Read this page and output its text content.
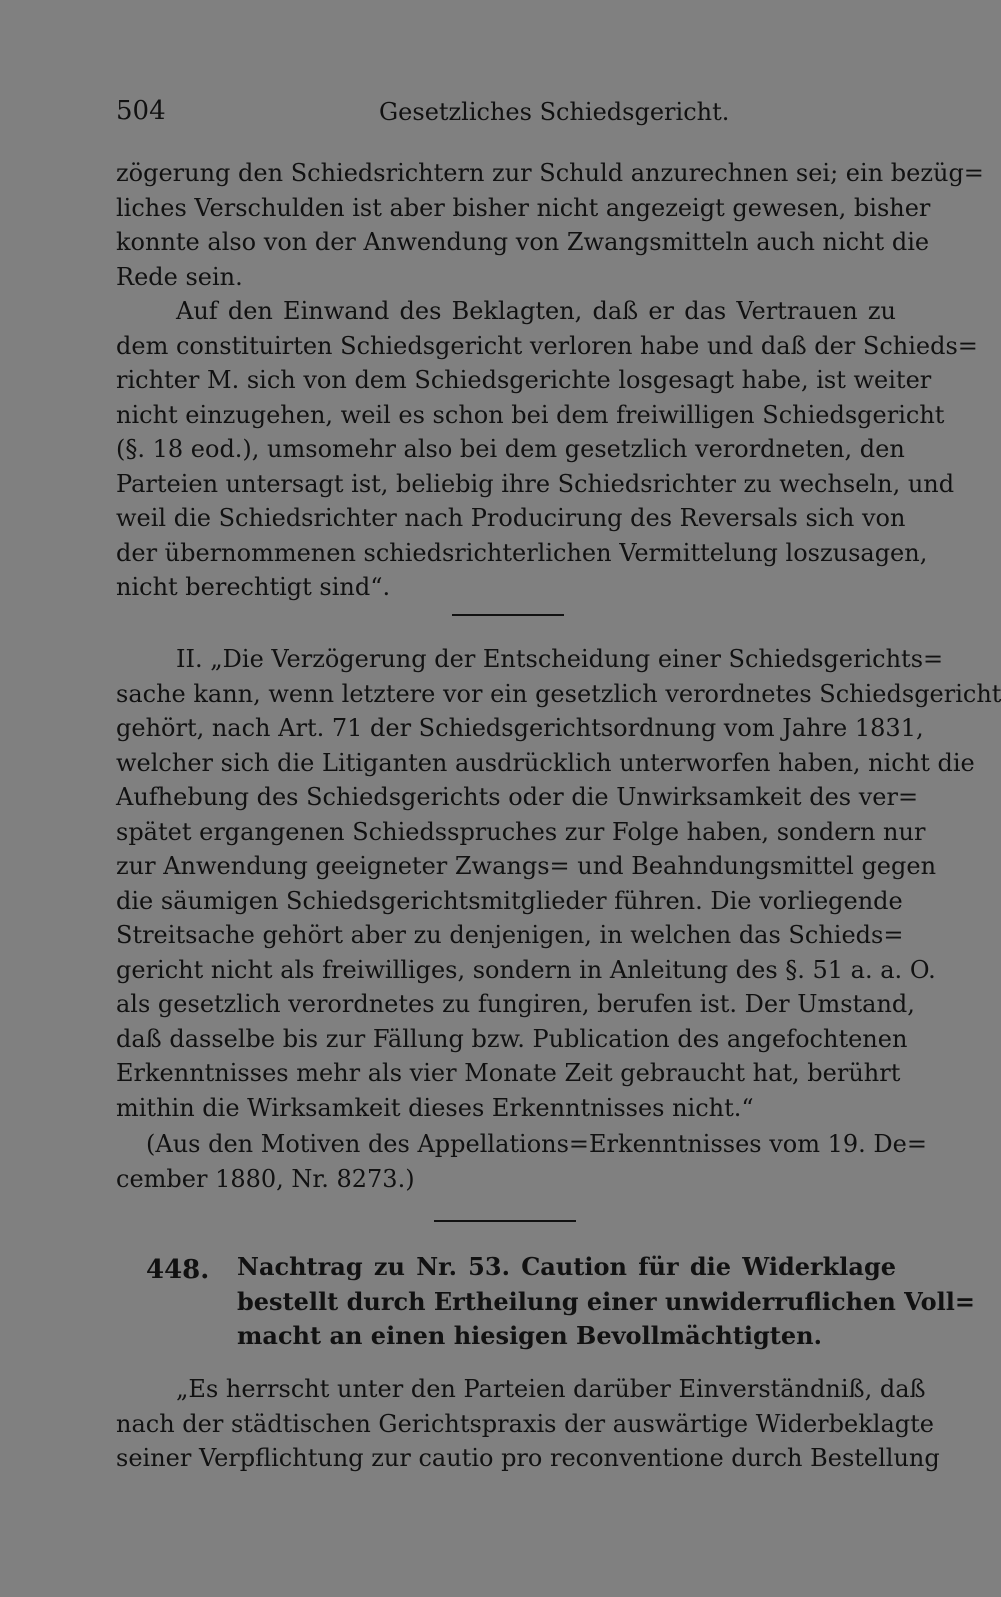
504	Gesetzliches Schiedsgericht.
zögerung den Schiedsrichtern zur Schuld anzurechnen sei; ein bezüg=
liches Verschulden ist aber bisher nicht angezeigt gewesen, bisher
konnte also von der Anwendung von Zwangsmitteln auch nicht die
Rede sein.
Auf den Einwand des Beklagten, daß er das Vertrauen zu
dem constituirten Schiedsgericht verloren habe und daß der Schieds=
richter M. sich von dem Schiedsgerichte losgesagt habe, ist weiter
nicht einzugehen, weil es schon bei dem freiwilligen Schiedsgericht
(§. 18 eod.), umsomehr also bei dem gesetzlich verordneten, den
Parteien untersagt ist, beliebig ihre Schiedsrichter zu wechseln, und
weil die Schiedsrichter nach Producirung des Reversals sich von
der übernommenen schiedsrichterlichen Vermittelung loszusagen,
nicht berechtigt sind“.
II. „Die Verzögerung der Entscheidung einer Schiedsgerichts=
sache kann, wenn letztere vor ein gesetzlich verordnetes Schiedsgericht
gehört, nach Art. 71 der Schiedsgerichtsordnung vom Jahre 1831,
welcher sich die Litiganten ausdrücklich unterworfen haben, nicht die
Aufhebung des Schiedsgerichts oder die Unwirksamkeit des ver=
spätet ergangenen Schiedsspruches zur Folge haben, sondern nur
zur Anwendung geeigneter Zwangs= und Beahndungsmittel gegen
die säumigen Schiedsgerichtsmitglieder führen. Die vorliegende
Streitsache gehört aber zu denjenigen, in welchen das Schieds=
gericht nicht als freiwilliges, sondern in Anleitung des §. 51 a. a. O.
als gesetzlich verordnetes zu fungiren, berufen ist. Der Umstand,
daß dasselbe bis zur Fällung bzw. Publication des angefochtenen
Erkenntnisses mehr als vier Monate Zeit gebraucht hat, berührt
mithin die Wirksamkeit dieses Erkenntnisses nicht.“
(Aus den Motiven des Appellations=Erkenntnisses vom 19. De=
cember 1880, Nr. 8273.)
448. Nachtrag zu Nr. 53. Caution für die Widerklage
bestellt durch Ertheilung einer unwiderruflichen Voll=
macht an einen hiesigen Bevollmächtigten.
„Es herrscht unter den Parteien darüber Einverständniß, daß
nach der städtischen Gerichtspraxis der auswärtige Widerbeklagte
seiner Verpflichtung zur cautio pro reconventione durch Bestellung
